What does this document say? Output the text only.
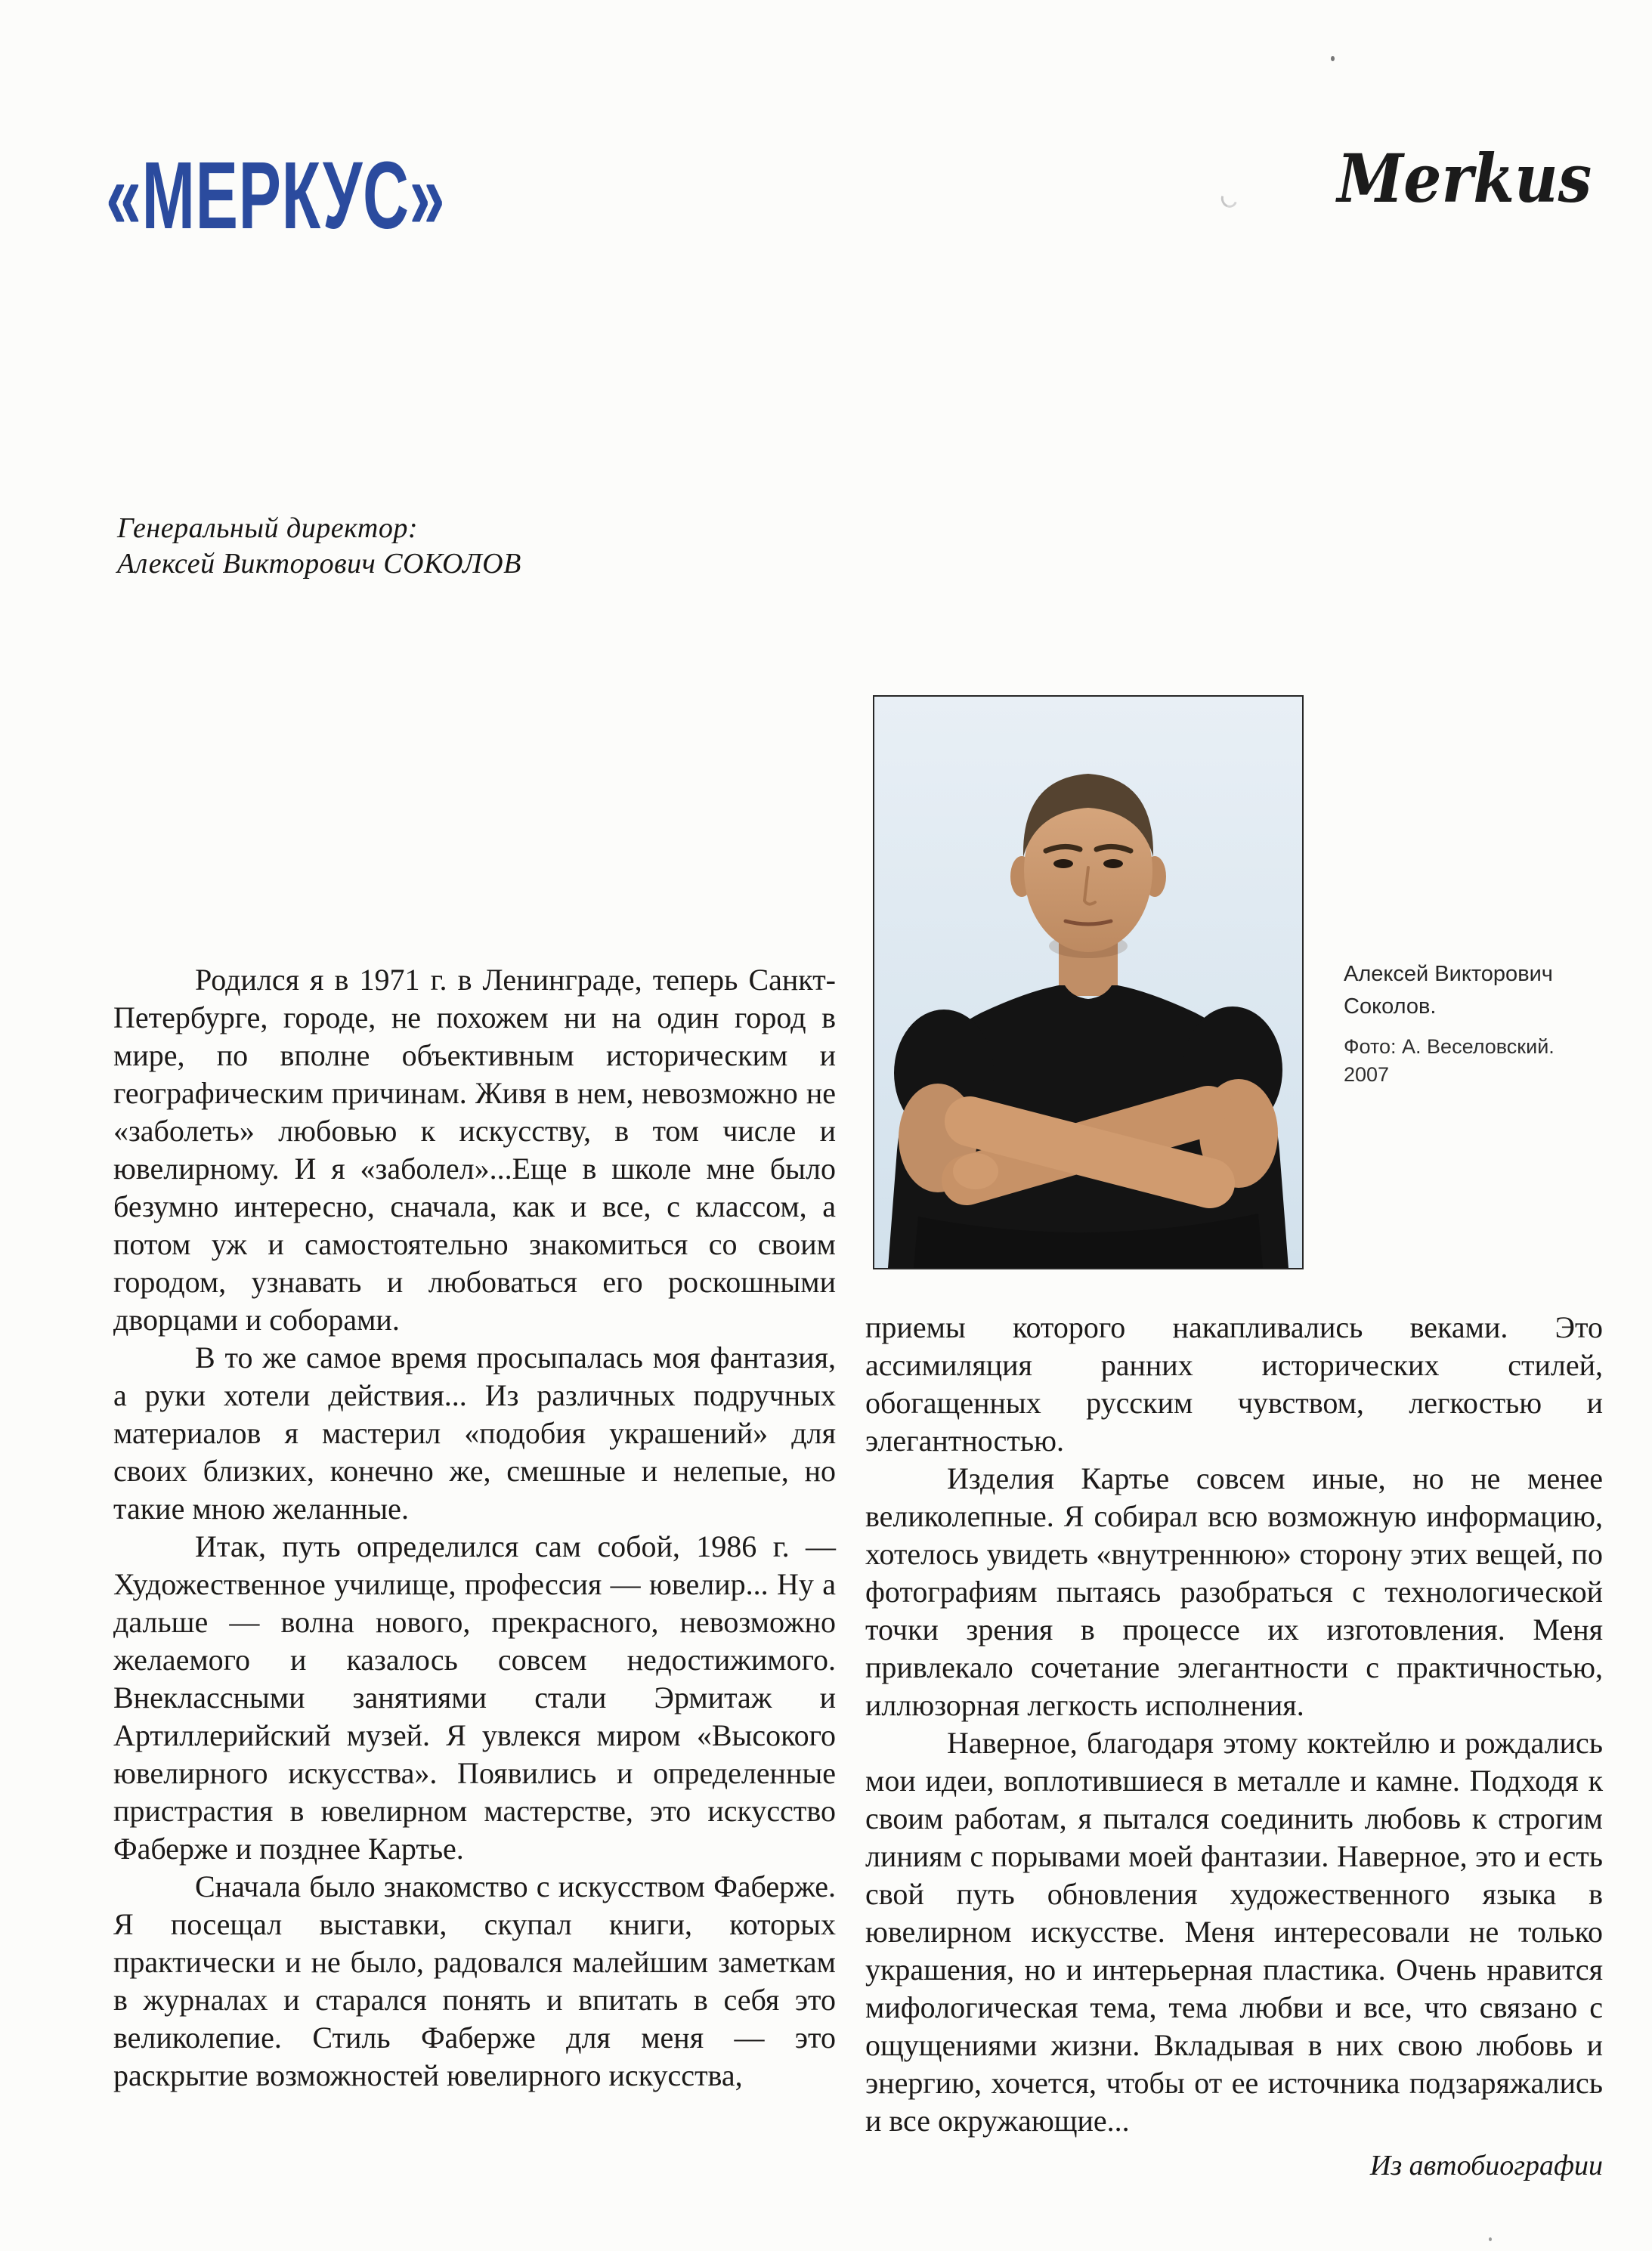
«МЕРКУС»	Merkus
Генеральный директор:
Алексей Викторович СОКОЛОВ
Алексей Викторович
Соколов.
Фото: А. Веселовский.
2007

Родился я в 1971 г. в Ленинграде, теперь Санкт-Петербурге, городе, не похожем ни на один город в мире, по вполне объективным историческим и географическим причинам. Живя в нем, невозможно не «заболеть» любовью к искусству, в том числе и ювелирному. И я «заболел»...Еще в школе мне было безумно интересно, сначала, как и все, с классом, а потом уж и самостоятельно знакомиться со своим городом, узнавать и любоваться его роскошными дворцами и соборами.

В то же самое время просыпалась моя фантазия, а руки хотели действия... Из различных подручных материалов я мастерил «подобия украшений» для своих близких, конечно же, смешные и нелепые, но такие мною желанные.

Итак, путь определился сам собой, 1986 г. — Художественное училище, профессия — ювелир... Ну а дальше — волна нового, прекрасного, невозможно желаемого и казалось совсем недостижимого. Внеклассными занятиями стали Эрмитаж и Артиллерийский музей. Я увлекся миром «Высокого ювелирного искусства». Появились и определенные пристрастия в ювелирном мастерстве, это искусство Фаберже и позднее Картье.

Сначала было знакомство с искусством Фаберже. Я посещал выставки, скупал книги, которых практически и не было, радовался малейшим заметкам в журналах и старался понять и впитать в себя это великолепие. Стиль Фаберже для меня — это раскрытие возможностей ювелирного искусства,

приемы которого накапливались веками. Это ассимиляция ранних исторических стилей, обогащенных русским чувством, легкостью и элегантностью.

Изделия Картье совсем иные, но не менее великолепные. Я собирал всю возможную информацию, хотелось увидеть «внутреннюю» сторону этих вещей, по фотографиям пытаясь разобраться с технологической точки зрения в процессе их изготовления. Меня привлекало сочетание элегантности с практичностью, иллюзорная легкость исполнения.

Наверное, благодаря этому коктейлю и рождались мои идеи, воплотившиеся в металле и камне. Подходя к своим работам, я пытался соединить любовь к строгим линиям с порывами моей фантазии. Наверное, это и есть свой путь обновления художественного языка в ювелирном искусстве. Меня интересовали не только украшения, но и интерьерная пластика. Очень нравится мифологическая тема, тема любви и все, что связано с ощущениями жизни. Вкладывая в них свою любовь и энергию, хочется, чтобы от ее источника подзаряжались и все окружающие...

Из автобиографии
